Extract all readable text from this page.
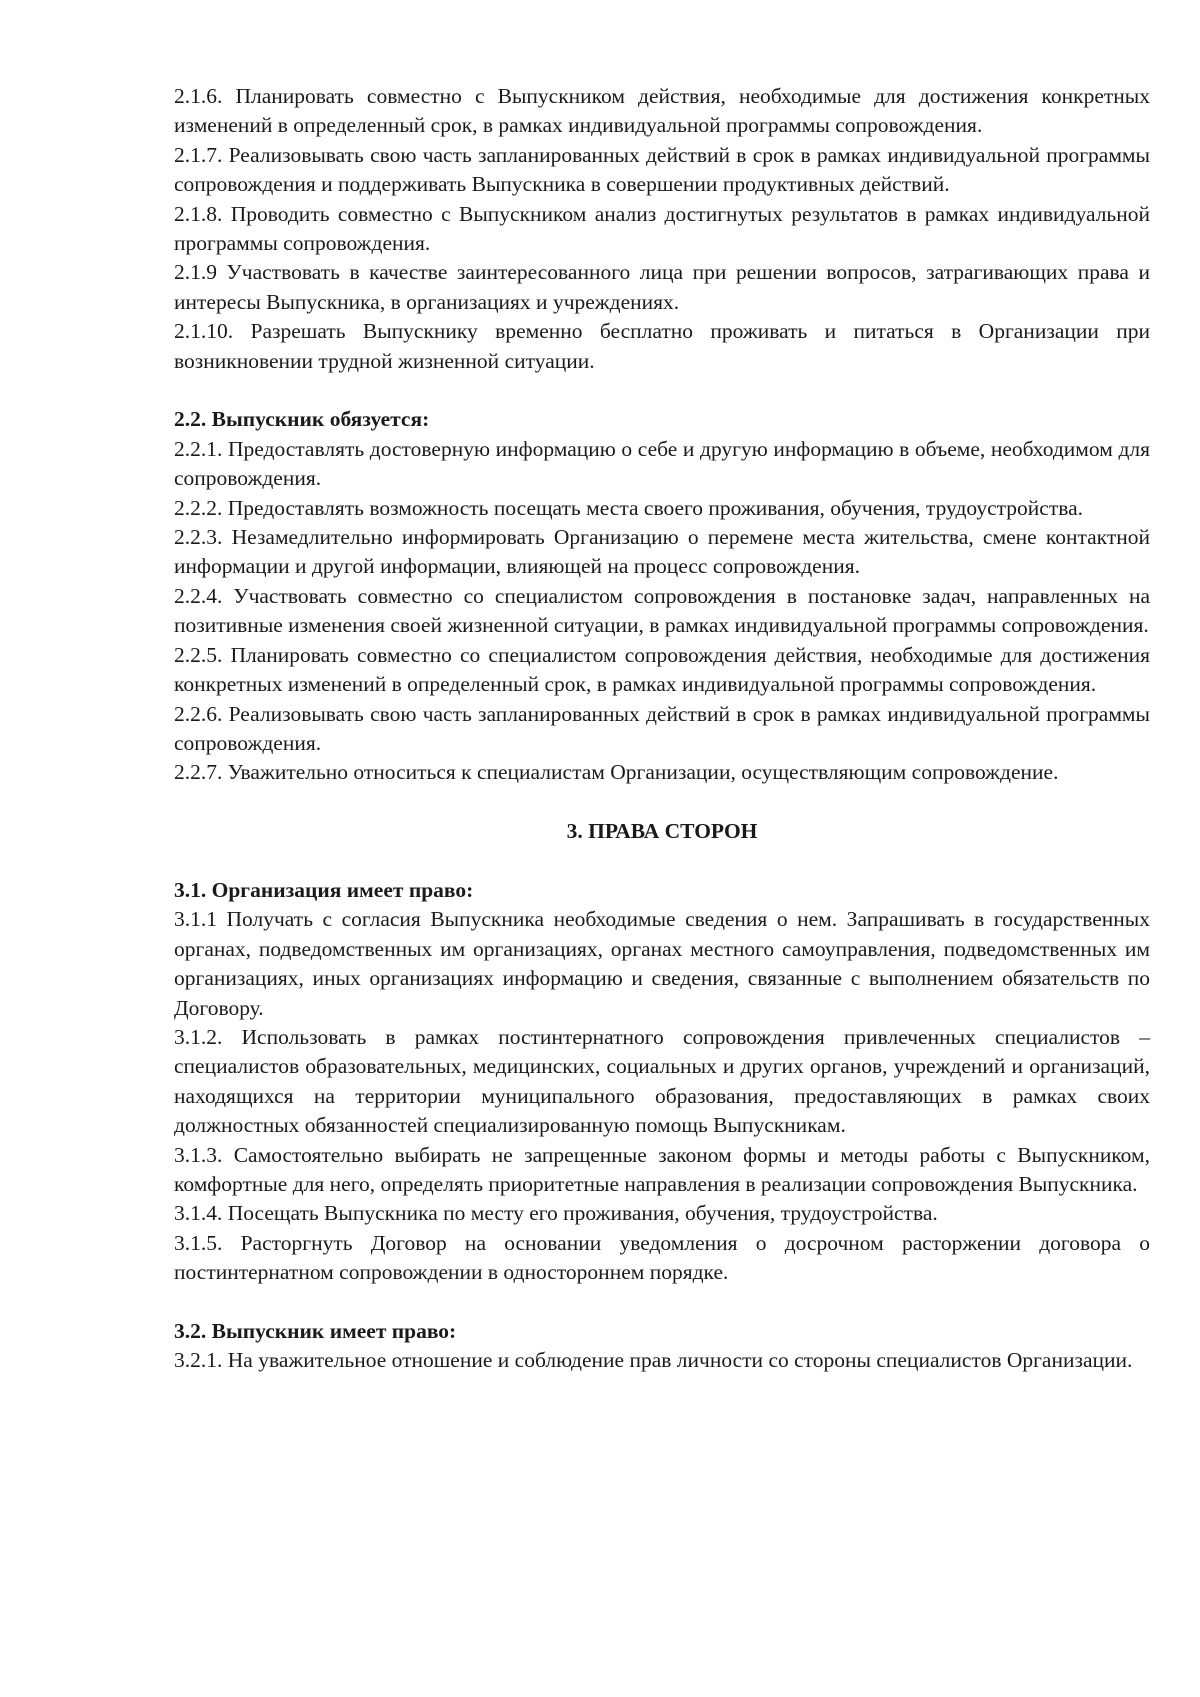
2.1.6. Планировать совместно с Выпускником действия, необходимые для достижения конкретных изменений в определенный срок, в рамках индивидуальной программы сопровождения.

2.1.7. Реализовывать свою часть запланированных действий в срок в рамках индивидуальной программы сопровождения и поддерживать Выпускника в совершении продуктивных действий.

2.1.8. Проводить совместно с Выпускником анализ достигнутых результатов в рамках индивидуальной программы сопровождения.

2.1.9 Участвовать в качестве заинтересованного лица при решении вопросов, затрагивающих права и интересы Выпускника, в организациях и учреждениях.

2.1.10. Разрешать Выпускнику временно бесплатно проживать и питаться в Организации при возникновении трудной жизненной ситуации.

2.2. Выпускник обязуется:

2.2.1. Предоставлять достоверную информацию о себе и другую информацию в объеме, необходимом для сопровождения.

2.2.2. Предоставлять возможность посещать места своего проживания, обучения, трудоустройства.

2.2.3. Незамедлительно информировать Организацию о перемене места жительства, смене контактной информации и другой информации, влияющей на процесс сопровождения.

2.2.4. Участвовать совместно со специалистом сопровождения в постановке задач, направленных на позитивные изменения своей жизненной ситуации, в рамках индивидуальной программы сопровождения.

2.2.5. Планировать совместно со специалистом сопровождения действия, необходимые для достижения конкретных изменений в определенный срок, в рамках индивидуальной программы сопровождения.

2.2.6. Реализовывать свою часть запланированных действий в срок в рамках индивидуальной программы сопровождения.

2.2.7. Уважительно относиться к специалистам Организации, осуществляющим сопровождение.

3. ПРАВА СТОРОН

3.1. Организация имеет право:

3.1.1 Получать с согласия Выпускника необходимые сведения о нем. Запрашивать в государственных органах, подведомственных им организациях, органах местного самоуправления, подведомственных им организациях, иных организациях информацию и сведения, связанные с выполнением обязательств по Договору.

3.1.2. Использовать в рамках постинтернатного сопровождения привлеченных специалистов – специалистов образовательных, медицинских, социальных и других органов, учреждений и организаций, находящихся на территории муниципального образования, предоставляющих в рамках своих должностных обязанностей специализированную помощь Выпускникам.

3.1.3. Самостоятельно выбирать не запрещенные законом формы и методы работы с Выпускником, комфортные для него, определять приоритетные направления в реализации сопровождения Выпускника.

3.1.4. Посещать Выпускника по месту его проживания, обучения, трудоустройства.

3.1.5. Расторгнуть Договор на основании уведомления о досрочном расторжении договора о постинтернатном сопровождении в одностороннем порядке.

3.2. Выпускник имеет право:

3.2.1. На уважительное отношение и соблюдение прав личности со стороны специалистов Организации.
